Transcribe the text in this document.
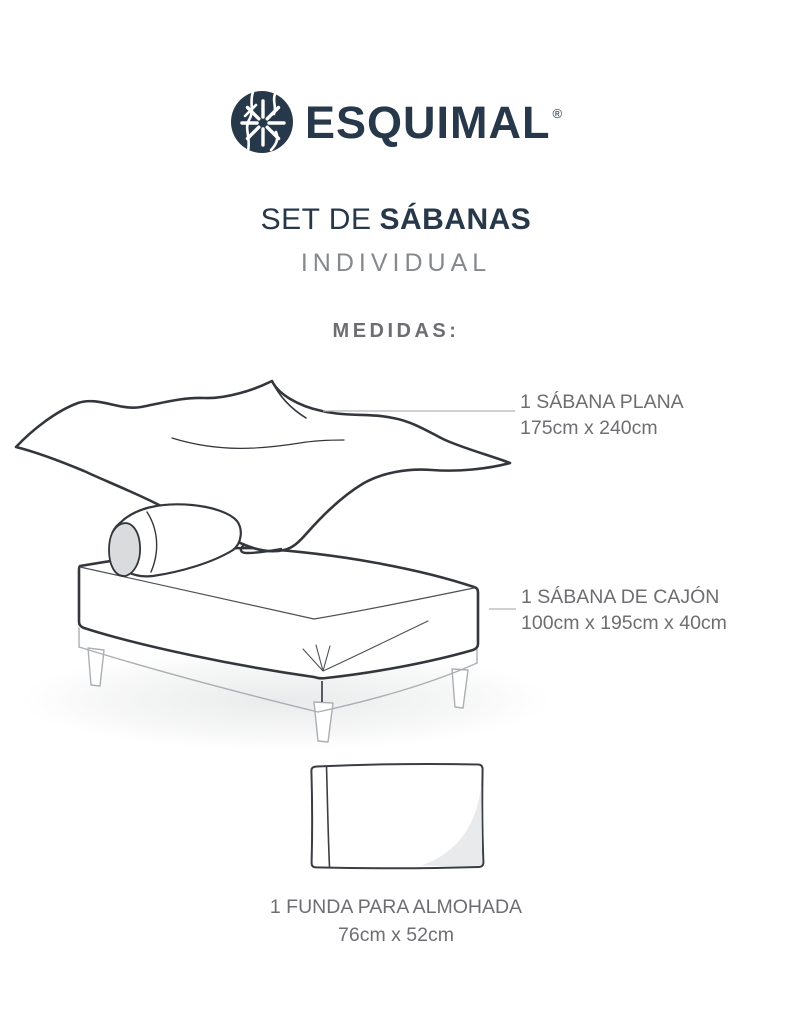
ESQUIMAL ®
SET DE SÁBANAS
INDIVIDUAL
MEDIDAS:
1 SÁBANA PLANA
175cm x 240cm
1 SÁBANA DE CAJÓN
100cm x 195cm x 40cm
1 FUNDA PARA ALMOHADA
76cm x 52cm
